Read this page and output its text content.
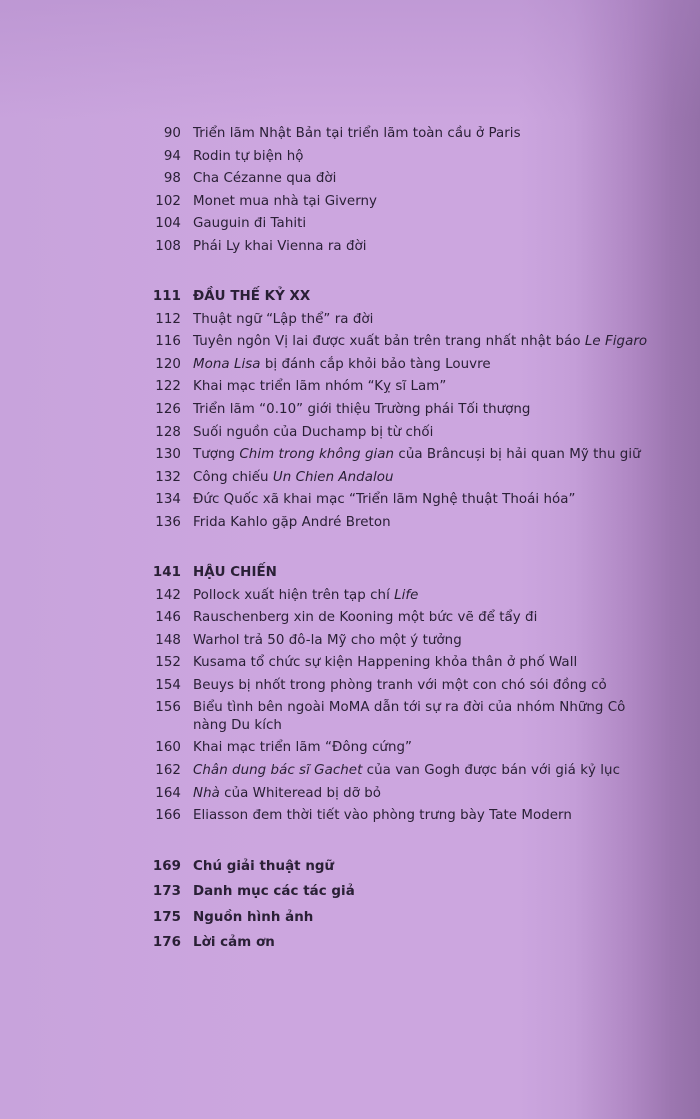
90 Triển lãm Nhật Bản tại triển lãm toàn cầu ở Paris
94 Rodin tự biện hộ
98 Cha Cézanne qua đời
102 Monet mua nhà tại Giverny
104 Gauguin đi Tahiti
108 Phái Ly khai Vienna ra đời
111 ĐẦU THẾ KỶ XX
112 Thuật ngữ “Lập thể” ra đời
116 Tuyên ngôn Vị lai được xuất bản trên trang nhất nhật báo Le Figaro
120 Mona Lisa bị đánh cắp khỏi bảo tàng Louvre
122 Khai mạc triển lãm nhóm “Kỵ sĩ Lam”
126 Triển lãm “0.10” giới thiệu Trường phái Tối thượng
128 Suối nguồn của Duchamp bị từ chối
130 Tượng Chim trong không gian của Brâncuși bị hải quan Mỹ thu giữ
132 Công chiếu Un Chien Andalou
134 Đức Quốc xã khai mạc “Triển lãm Nghệ thuật Thoái hóa”
136 Frida Kahlo gặp André Breton
141 HẬU CHIẾN
142 Pollock xuất hiện trên tạp chí Life
146 Rauschenberg xin de Kooning một bức vẽ để tẩy đi
148 Warhol trả 50 đô-la Mỹ cho một ý tưởng
152 Kusama tổ chức sự kiện Happening khỏa thân ở phố Wall
154 Beuys bị nhốt trong phòng tranh với một con chó sói đồng cỏ
156 Biểu tình bên ngoài MoMA dẫn tới sự ra đời của nhóm Những Cô nàng Du kích
160 Khai mạc triển lãm “Đông cứng”
162 Chân dung bác sĩ Gachet của van Gogh được bán với giá kỷ lục
164 Nhà của Whiteread bị dỡ bỏ
166 Eliasson đem thời tiết vào phòng trưng bày Tate Modern
169 Chú giải thuật ngữ
173 Danh mục các tác giả
175 Nguồn hình ảnh
176 Lời cảm ơn
